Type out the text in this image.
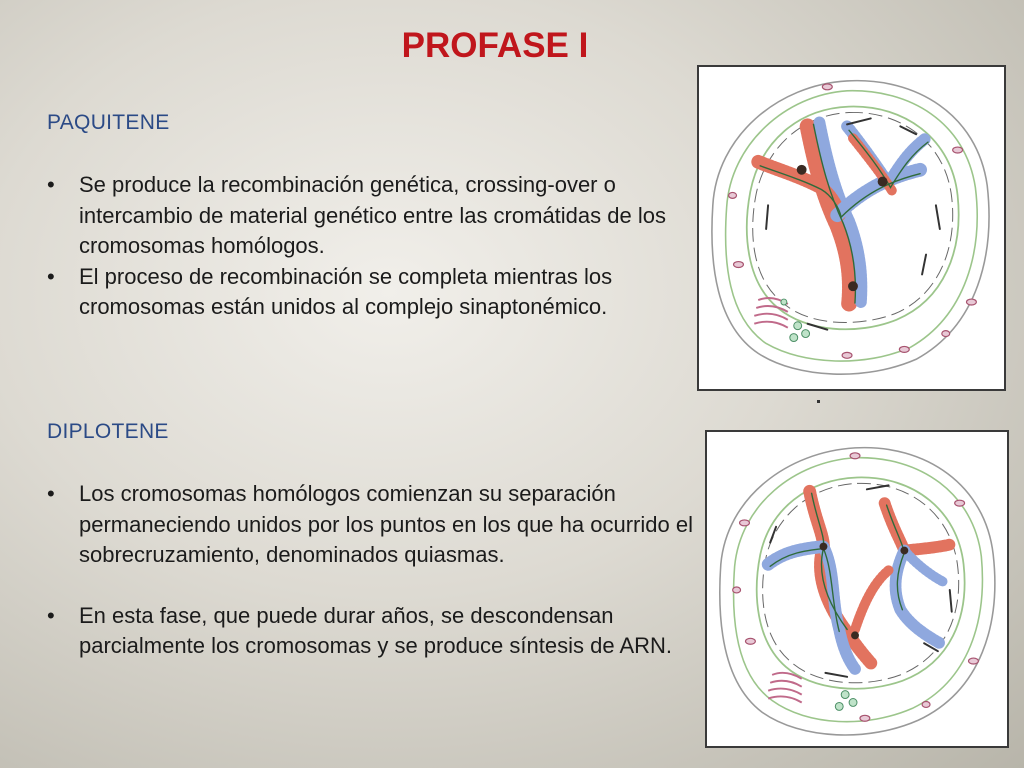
PROFASE I
PAQUITENE
• Se produce la recombinación genética, crossing-over o intercambio de material genético entre las cromátidas de los cromosomas homólogos.
• El proceso de recombinación se completa mientras los cromosomas están unidos al complejo sinaptonémico.
DIPLOTENE
• Los cromosomas homólogos comienzan su separación permaneciendo unidos por los puntos en los que ha ocurrido el sobrecruzamiento, denominados quiasmas.
• En esta fase, que puede durar años, se descondensan parcialmente los cromosomas y se produce síntesis de ARN.
